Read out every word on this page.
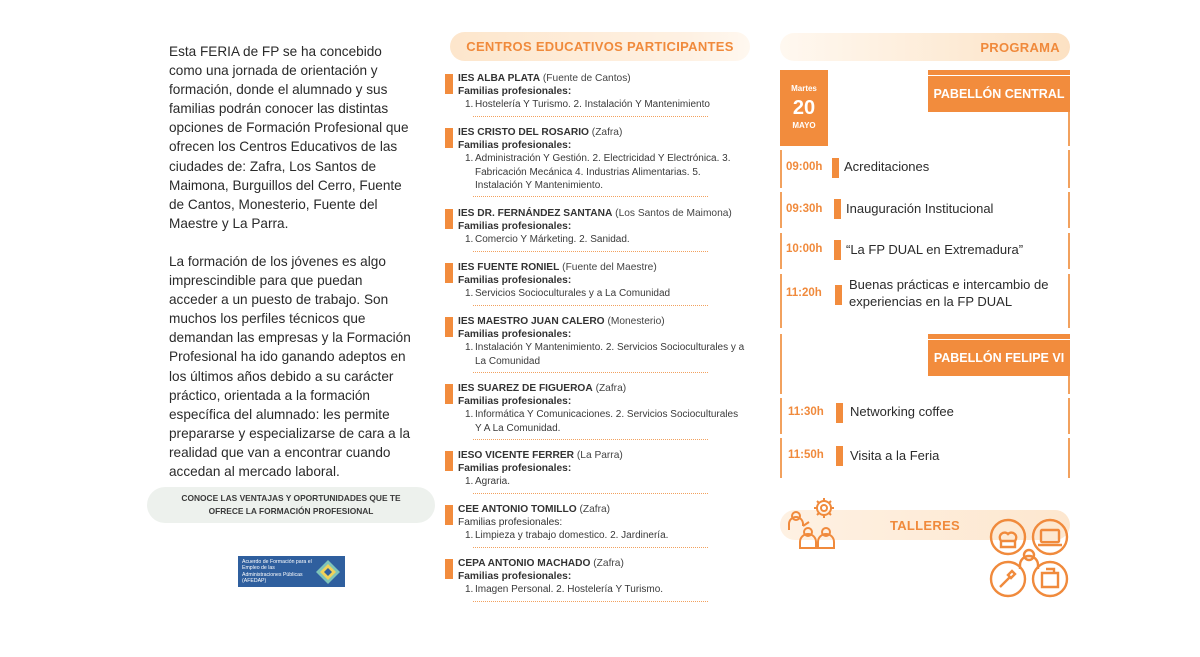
Esta FERIA de FP se ha concebido como una jornada de orientación y formación, donde el alumnado y sus familias podrán conocer las distintas opciones de Formación Profesional que ofrecen los Centros Educativos de las ciudades de: Zafra, Los Santos de Maimona, Burguillos del Cerro, Fuente de Cantos, Monesterio, Fuente del Maestre y La Parra.

La formación de los jóvenes es algo imprescindible para que puedan acceder a un puesto de trabajo. Son muchos los perfiles técnicos que demandan las empresas y la Formación Profesional ha ido ganando adeptos en los últimos años debido a su carácter práctico, orientada a la formación específica del alumnado: les permite prepararse y especializarse de cara a la realidad que van a encontrar cuando accedan al mercado laboral.

CONOCE LAS VENTAJAS Y OPORTUNIDADES QUE TE OFRECE LA FORMACIÓN PROFESIONAL
Acuerdo de Formación para el Empleo de las Administraciones Públicas (AFEDAP)
CENTROS EDUCATIVOS PARTICIPANTES
IES ALBA PLATA (Fuente de Cantos)
Familias profesionales:
1. Hostelería Y Turismo. 2. Instalación Y Mantenimiento
IES CRISTO DEL ROSARIO (Zafra)
Familias profesionales:
1. Administración Y Gestión. 2. Electricidad Y Electrónica. 3. Fabricación Mecánica 4. Industrias Alimentarias. 5. Instalación Y Mantenimiento.
IES DR. FERNÁNDEZ SANTANA (Los Santos de Maimona)
Familias profesionales:
1. Comercio Y Márketing. 2. Sanidad.
IES FUENTE RONIEL (Fuente del Maestre)
Familias profesionales:
1. Servicios Socioculturales y a La Comunidad
IES MAESTRO JUAN CALERO (Monesterio)
Familias profesionales:
1. Instalación Y Mantenimiento. 2. Servicios Socioculturales y a La Comunidad
IES SUAREZ DE FIGUEROA (Zafra)
Familias profesionales:
1. Informática Y Comunicaciones. 2. Servicios Socioculturales Y A La Comunidad.
IESO VICENTE FERRER (La Parra)
Familias profesionales:
1. Agraria.
CEE ANTONIO TOMILLO (Zafra)
Familias profesionales:
1. Limpieza y trabajo domestico. 2. Jardinería.
CEPA ANTONIO MACHADO (Zafra)
Familias profesionales:
1. Imagen Personal. 2. Hostelería Y Turismo.
PROGRAMA
Martes
20
MAYO
PABELLÓN CENTRAL
09:00h Acreditaciones
09:30h Inauguración Institucional
10:00h “La FP DUAL en Extremadura”
11:20h
Buenas prácticas e intercambio de experiencias en la FP DUAL
PABELLÓN FELIPE VI
11:30h Networking coffee
11:50h Visita a la Feria
TALLERES
